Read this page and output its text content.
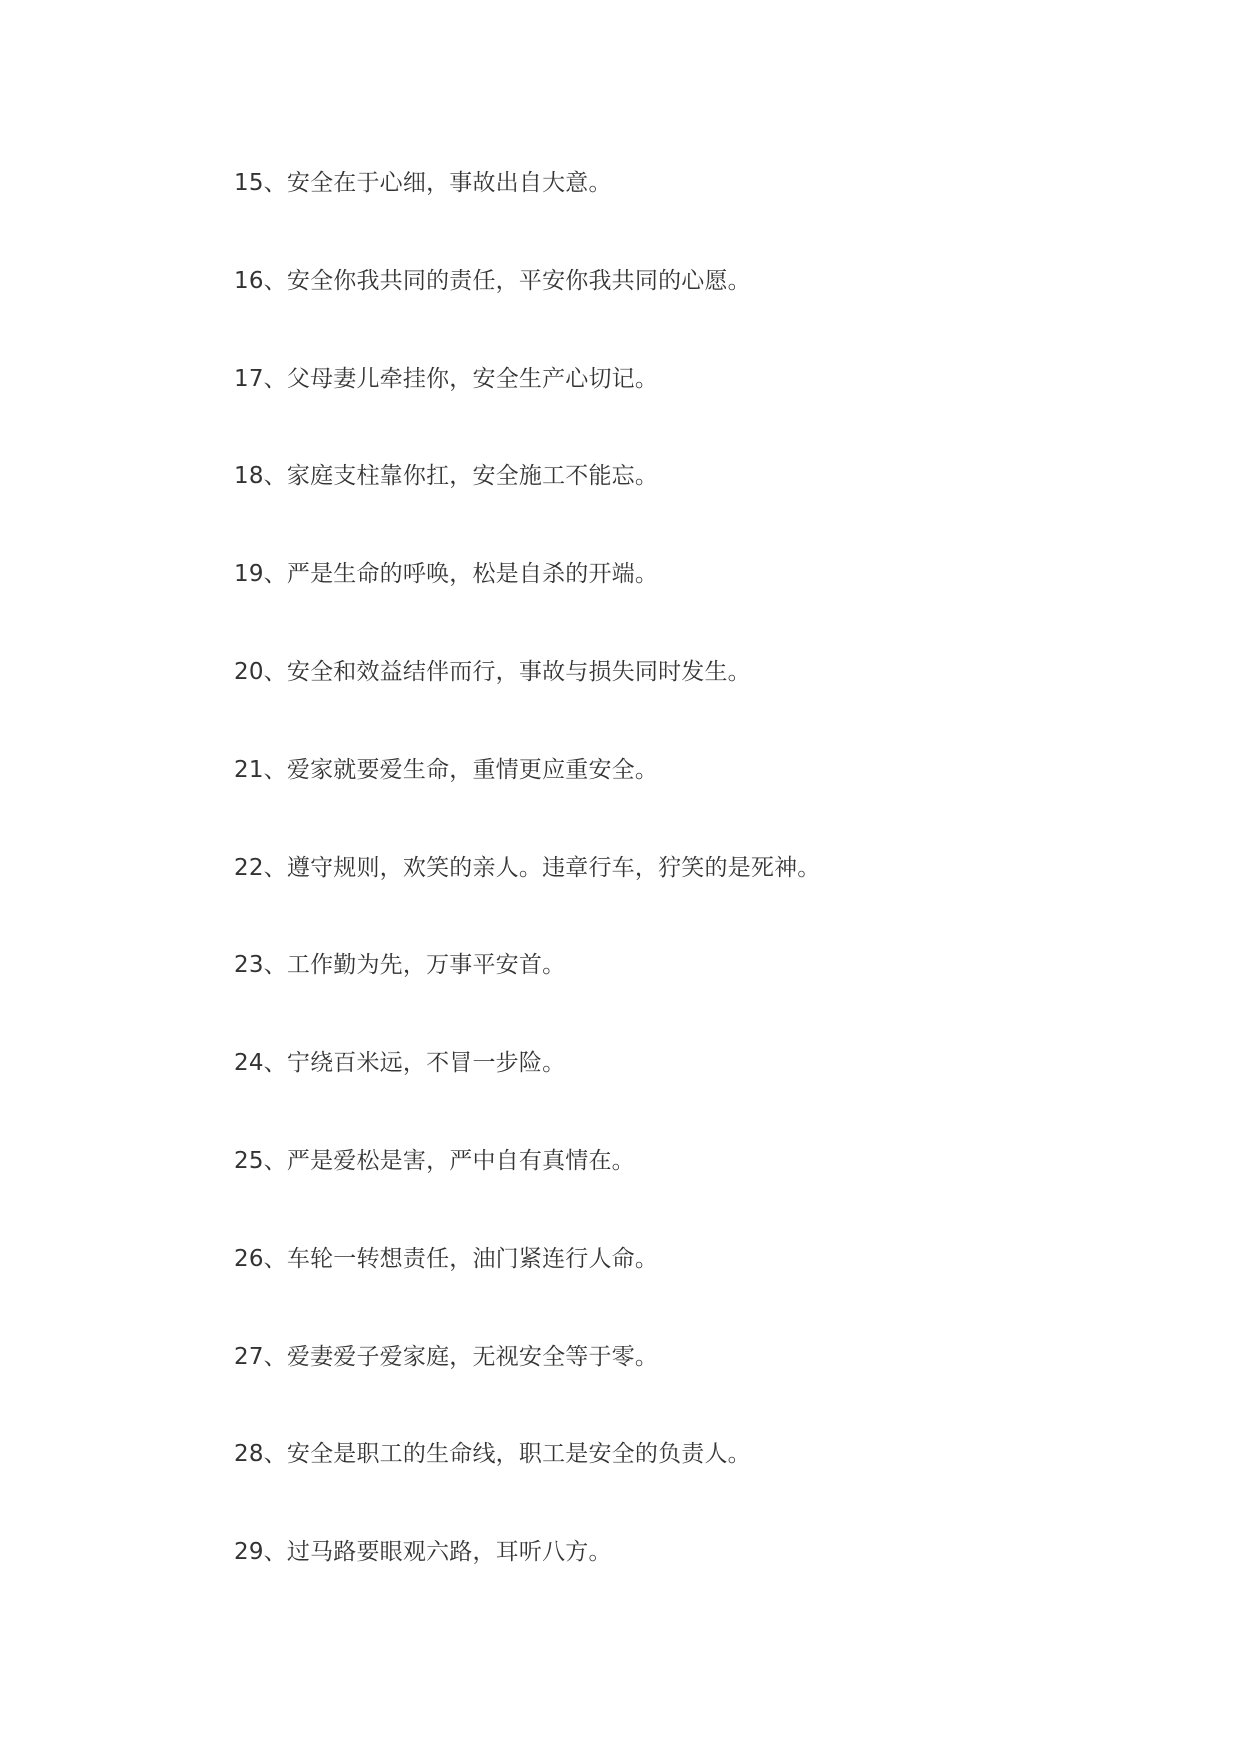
15、安全在于心细，事故出自大意。
16、安全你我共同的责任，平安你我共同的心愿。
17、父母妻儿牵挂你，安全生产心切记。
18、家庭支柱靠你扛，安全施工不能忘。
19、严是生命的呼唤，松是自杀的开端。
20、安全和效益结伴而行，事故与损失同时发生。
21、爱家就要爱生命，重情更应重安全。
22、遵守规则，欢笑的亲人。违章行车，狞笑的是死神。
23、工作勤为先，万事平安首。
24、宁绕百米远，不冒一步险。
25、严是爱松是害，严中自有真情在。
26、车轮一转想责任，油门紧连行人命。
27、爱妻爱子爱家庭，无视安全等于零。
28、安全是职工的生命线，职工是安全的负责人。
29、过马路要眼观六路，耳听八方。
